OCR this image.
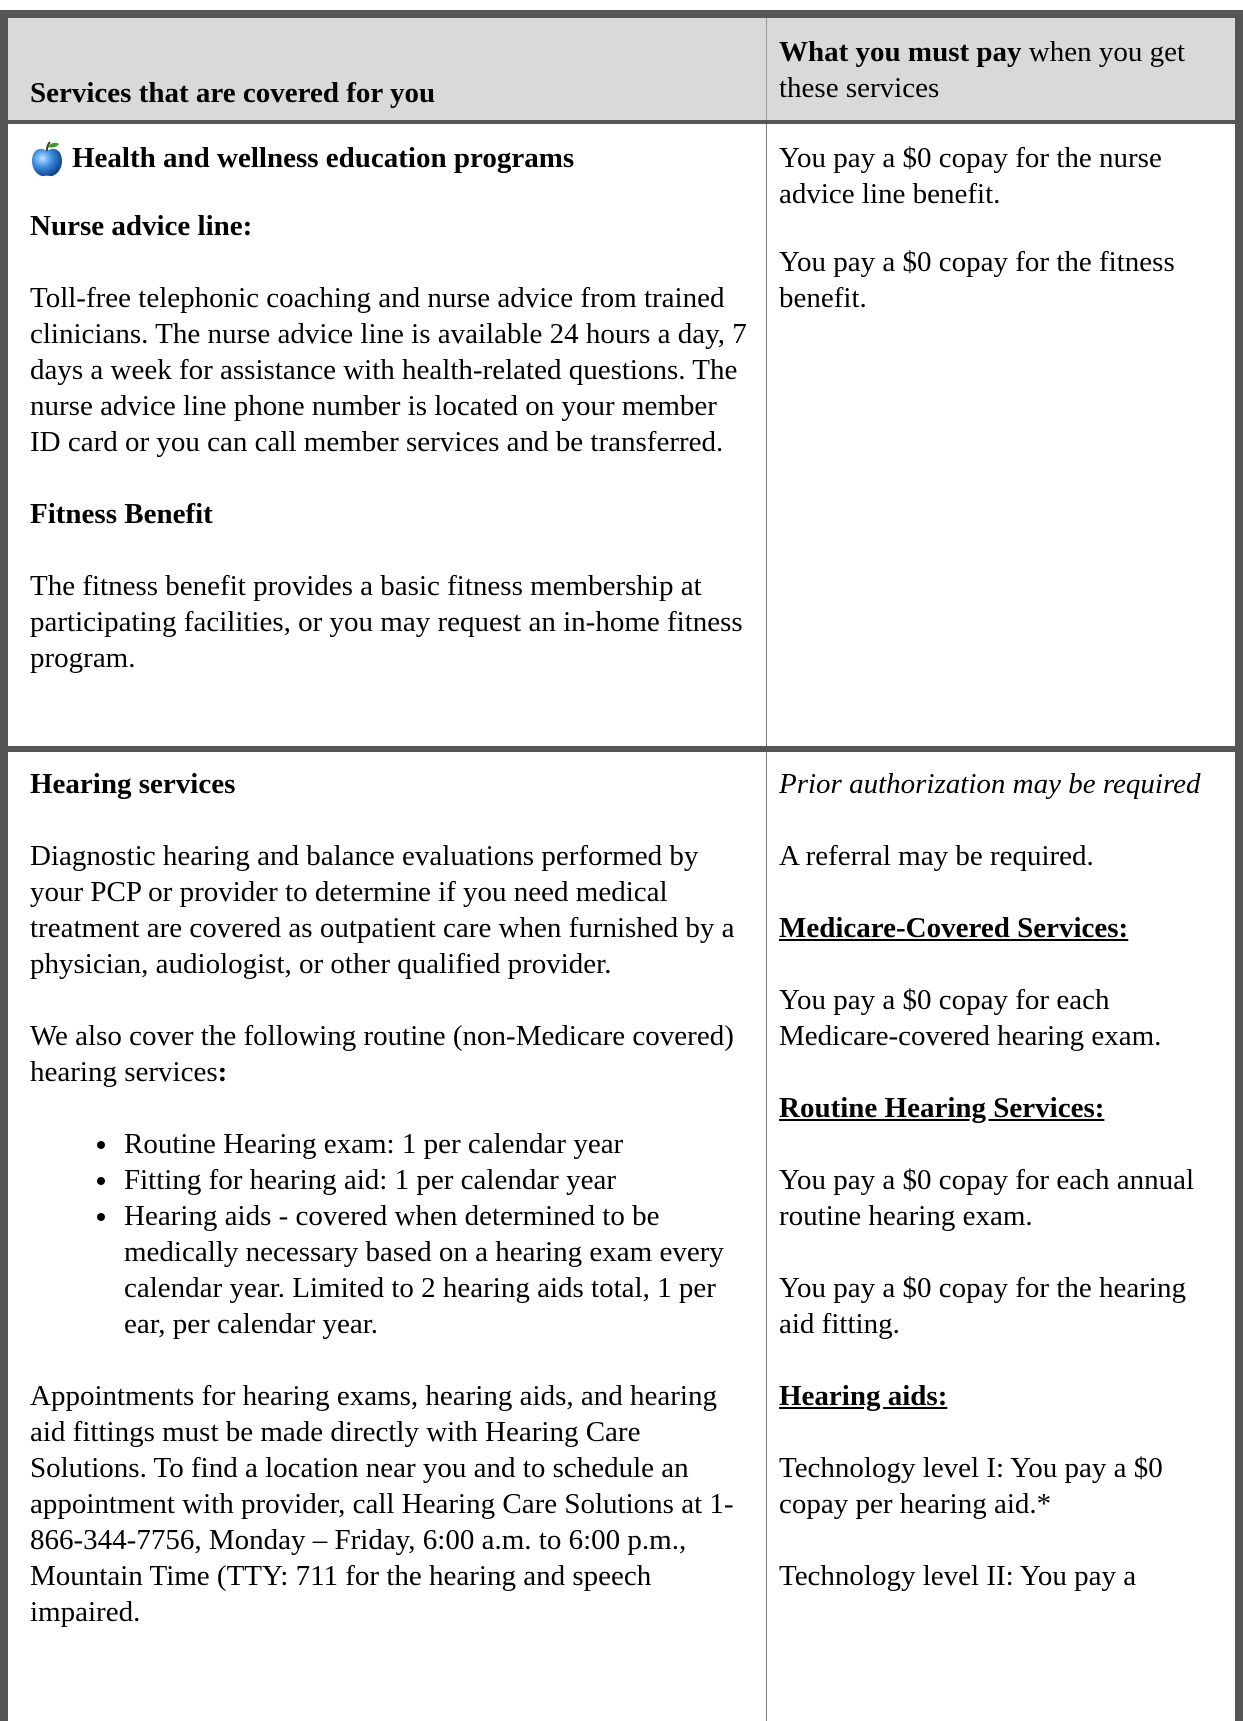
Services that are covered for you
What you must pay when you get these services
Health and wellness education programs

Nurse advice line:

Toll-free telephonic coaching and nurse advice from trained clinicians. The nurse advice line is available 24 hours a day, 7 days a week for assistance with health-related questions. The nurse advice line phone number is located on your member ID card or you can call member services and be transferred.

Fitness Benefit

The fitness benefit provides a basic fitness membership at participating facilities, or you may request an in-home fitness program.

You pay a $0 copay for the nurse advice line benefit.

You pay a $0 copay for the fitness benefit.

Hearing services

Diagnostic hearing and balance evaluations performed by your PCP or provider to determine if you need medical treatment are covered as outpatient care when furnished by a physician, audiologist, or other qualified provider.

We also cover the following routine (non-Medicare covered) hearing services:

• Routine Hearing exam: 1 per calendar year
• Fitting for hearing aid: 1 per calendar year
• Hearing aids - covered when determined to be medically necessary based on a hearing exam every calendar year. Limited to 2 hearing aids total, 1 per ear, per calendar year.

Appointments for hearing exams, hearing aids, and hearing aid fittings must be made directly with Hearing Care Solutions. To find a location near you and to schedule an appointment with provider, call Hearing Care Solutions at 1-866-344-7756, Monday – Friday, 6:00 a.m. to 6:00 p.m., Mountain Time (TTY: 711 for the hearing and speech impaired.

Prior authorization may be required

A referral may be required.

Medicare-Covered Services:

You pay a $0 copay for each Medicare-covered hearing exam.

Routine Hearing Services:

You pay a $0 copay for each annual routine hearing exam.

You pay a $0 copay for the hearing aid fitting.

Hearing aids:

Technology level I: You pay a $0 copay per hearing aid.*

Technology level II: You pay a
